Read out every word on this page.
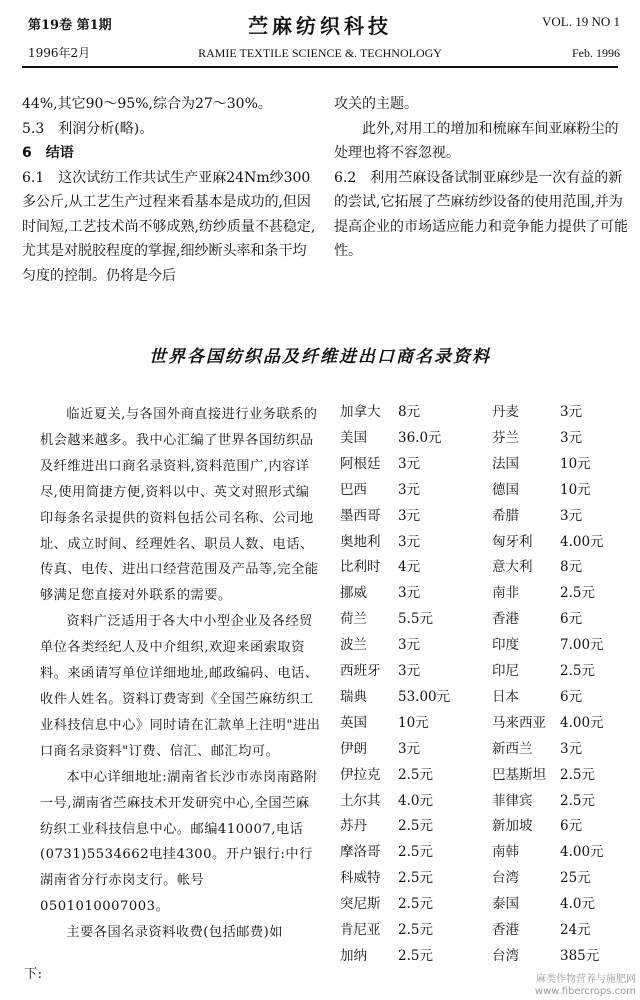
第19卷 第1期
1996年2月
苎麻纺织科技
RAMIE TEXTILE SCIENCE &. TECHNOLOGY
VOL. 19 NO 1
Feb. 1996

44%,其它90～95%,综合为27～30%。

5.3　利润分析(略)。

6　结语

6.1　这次试纺工作共试生产亚麻24Nm纱300多公斤,从工艺生产过程来看基本是成功的,但因时间短,工艺技术尚不够成熟,纺纱质量不甚稳定,尤其是对脱胶程度的掌握,细纱断头率和条干均匀度的控制。仍将是今后

攻关的主题。

此外,对用工的增加和梳麻车间亚麻粉尘的处理也将不容忽视。

6.2　利用苎麻设备试制亚麻纱是一次有益的新的尝试,它拓展了苎麻纺纱设备的使用范围,并为提高企业的市场适应能力和竞争能力提供了可能性。

世界各国纺织品及纤维进出口商名录资料

临近夏关,与各国外商直接进行业务联系的机会越来越多。我中心汇编了世界各国纺织品及纤维进出口商名录资料,资料范围广,内容详尽,使用简捷方便,资料以中、英文对照形式编印每条名录提供的资料包括公司名称、公司地址、成立时间、经理姓名、职员人数、电话、传真、电传、进出口经营范围及产品等,完全能够满足您直接对外联系的需要。

资料广泛适用于各大中小型企业及各经贸单位各类经纪人及中介组织,欢迎来函索取资料。来函请写单位详细地址,邮政编码、电话、收件人姓名。资料订费寄到《全国苎麻纺织工业科技信息中心》同时请在汇款单上注明"进出口商名录资料"订费、信汇、邮汇均可。

本中心详细地址:湖南省长沙市赤岗南路附一号,湖南省苎麻技术开发研究中心,全国苎麻纺织工业科技信息中心。邮编410007,电话(0731)5534662电挂4300。开户银行:中行湖南省分行赤岗支行。帐号0501010007003。

主要各国名录资料收费(包括邮费)如

下:

加拿大 8元	丹麦	3元
美国 36.0元	芬兰	3元
阿根廷 3元	法国	10元
巴西 3元	德国	10元
墨西哥 3元	希腊	3元
奥地利 3元	匈牙利 4.00元
比利时 4元	意大利 8元
挪威 3元	南非	2.5元
荷兰 5.5元	香港	6元
波兰 3元	印度	7.00元
西班牙 3元	印尼	2.5元
瑞典 53.00元	日本	6元
英国 10元	马来西亚 4.00元
伊朗 3元	新西兰 3元
伊拉克 2.5元	巴基斯坦 2.5元
土尔其 4.0元	菲律宾 2.5元
苏丹 2.5元	新加坡 6元
摩洛哥 2.5元	南韩	4.00元
科威特 2.5元	台湾	25元
突尼斯 2.5元	泰国	4.0元
肯尼亚 2.5元	香港	24元
加纳 2.5元	台湾	385元
麻类作物营养与施肥网
www.fibercrops.com
